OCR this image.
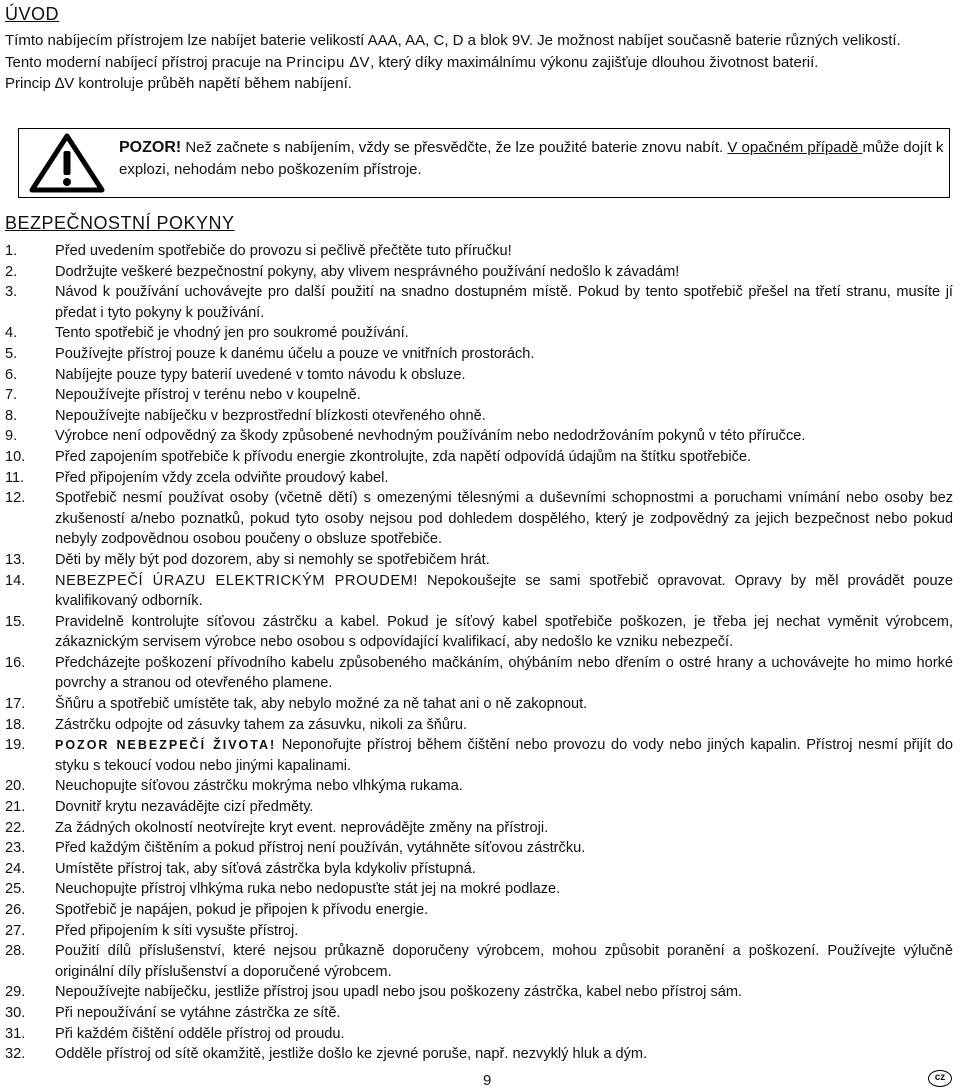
ÚVOD

Tímto nabíjecím přístrojem lze nabíjet baterie velikostí AAA, AA, C, D a blok 9V. Je možnost nabíjet současně baterie různých velikostí.

Tento moderní nabíjecí přístroj pracuje na Principu ∆V, který díky maximálnímu výkonu zajišťuje dlouhou životnost baterií.

Princip ∆V kontroluje průběh napětí během nabíjení.

POZOR! Než začnete s nabíjením, vždy se přesvědčte, že lze použité baterie znovu nabít. V opačném případě může dojít k explozi, nehodám nebo poškozením přístroje.
BEZPEČNOSTNÍ POKYNY
1.	Před uvedením spotřebiče do provozu si pečlivě přečtěte tuto příručku!
2.	Dodržujte veškeré bezpečnostní pokyny, aby vlivem nesprávného používání nedošlo k závadám!
3.	Návod k používání uchovávejte pro další použití na snadno dostupném místě. Pokud by tento spotřebič přešel na třetí stranu, musíte jí předat i tyto pokyny k používání.
4.	Tento spotřebič je vhodný jen pro soukromé používání.
5.	Používejte přístroj pouze k danému účelu a pouze ve vnitřních prostorách.
6.	Nabíjejte pouze typy baterií uvedené v tomto návodu k obsluze.
7.	Nepoužívejte přístroj v terénu nebo v koupelně.
8.	Nepoužívejte nabíječku v bezprostřední blízkosti otevřeného ohně.
9.	Výrobce není odpovědný za škody způsobené nevhodným používáním nebo nedodržováním pokynů v této příručce.
10.	Před zapojením spotřebiče k přívodu energie zkontrolujte, zda napětí odpovídá údajům na štítku spotřebiče.
11.	Před připojením vždy zcela odviňte proudový kabel.
12.	Spotřebič nesmí používat osoby (včetně dětí) s omezenými tělesnými a duševními schopnostmi a poruchami vnímání nebo osoby bez zkušeností a/nebo poznatků, pokud tyto osoby nejsou pod dohledem dospělého, který je zodpovědný za jejich bezpečnost nebo pokud nebyly zodpovědnou osobou poučeny o obsluze spotřebiče.
13.	Děti by měly být pod dozorem, aby si nemohly se spotřebičem hrát.
14.	NEBEZPEČÍ ÚRAZU ELEKTRICKÝM PROUDEM! Nepokoušejte se sami spotřebič opravovat. Opravy by měl provádět pouze kvalifikovaný odborník.
15.	Pravidelně kontrolujte síťovou zástrčku a kabel. Pokud je síťový kabel spotřebiče poškozen, je třeba jej nechat vyměnit výrobcem, zákaznickým servisem výrobce nebo osobou s odpovídající kvalifikací, aby nedošlo ke vzniku nebezpečí.
16.	Předcházejte poškození přívodního kabelu způsobeného mačkáním, ohýbáním nebo dřením o ostré hrany a uchovávejte ho mimo horké povrchy a stranou od otevřeného plamene.
17.	Šňůru a spotřebič umístěte tak, aby nebylo možné za ně tahat ani o ně zakopnout.
18.	Zástrčku odpojte od zásuvky tahem za zásuvku, nikoli za šňůru.
19.	POZOR NEBEZPEČÍ ŽIVOTA! Neponořujte přístroj během čištění nebo provozu do vody nebo jiných kapalin. Přístroj nesmí přijít do styku s tekoucí vodou nebo jinými kapalinami.
20.	Neuchopujte síťovou zástrčku mokrýma nebo vlhkýma rukama.
21.	Dovnitř krytu nezavádějte cizí předměty.
22.	Za žádných okolností neotvírejte kryt event. neprovádějte změny na přístroji.
23.	Před každým čištěním a pokud přístroj není používán, vytáhněte síťovou zástrčku.
24.	Umístěte přístroj tak, aby síťová zástrčka byla kdykoliv přístupná.
25.	Neuchopujte přístroj vlhkýma ruka nebo nedopusťte stát jej na mokré podlaze.
26.	Spotřebič je napájen, pokud je připojen k přívodu energie.
27.	Před připojením k síti vysušte přístroj.
28.	Použití dílů příslušenství, které nejsou průkazně doporučeny výrobcem, mohou způsobit poranění a poškození. Používejte výlučně originální díly příslušenství a doporučené výrobcem.
29.	Nepoužívejte nabíječku, jestliže přístroj jsou upadl nebo jsou poškozeny zástrčka, kabel nebo přístroj sám.
30.	Při nepoužívání se vytáhne zástrčka ze sítě.
31.	Při každém čištění odděle přístroj od proudu.
32.	Odděle přístroj od sítě okamžitě, jestliže došlo ke zjevné poruše, např. nezvyklý hluk a dým.
9	cz
